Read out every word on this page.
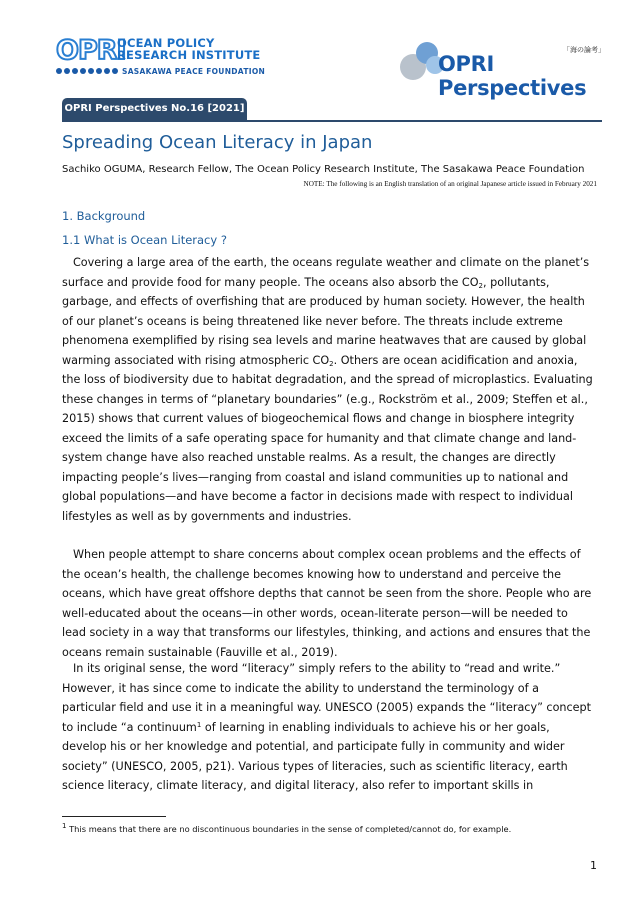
OPRI
OCEAN POLICY
RESEARCH INSTITUTE
SASAKAWA PEACE FOUNDATION
「海の論考」
OPRI Perspectives
OPRI Perspectives No.16 [2021]
Spreading Ocean Literacy in Japan
Sachiko OGUMA, Research Fellow, The Ocean Policy Research Institute, The Sasakawa Peace Foundation
NOTE: The following is an English translation of an original Japanese article issued in February 2021
1. Background
1.1 What is Ocean Literacy ?

Covering a large area of the earth, the oceans regulate weather and climate on the planet’s surface and provide food for many people. The oceans also absorb the $CO_2$, pollutants, garbage, and effects of overfishing that are produced by human society. However, the health of our planet’s oceans is being threatened like never before. The threats include extreme phenomena exemplified by rising sea levels and marine heatwaves that are caused by global warming associated with rising atmospheric $CO_2$. Others are ocean acidification and anoxia, the loss of biodiversity due to habitat degradation, and the spread of microplastics. Evaluating these changes in terms of “planetary boundaries” (e.g., Rockström et al., 2009; Steffen et al., 2015) shows that current values of biogeochemical flows and change in biosphere integrity exceed the limits of a safe operating space for humanity and that climate change and land-system change have also reached unstable realms. As a result, the changes are directly impacting people’s lives—ranging from coastal and island communities up to national and global populations—and have become a factor in decisions made with respect to individual lifestyles as well as by governments and industries.

When people attempt to share concerns about complex ocean problems and the effects of the ocean’s health, the challenge becomes knowing how to understand and perceive the oceans, which have great offshore depths that cannot be seen from the shore. People who are well-educated about the oceans—in other words, ocean-literate person—will be needed to lead society in a way that transforms our lifestyles, thinking, and actions and ensures that the oceans remain sustainable (Fauville et al., 2019).

In its original sense, the word “literacy” simply refers to the ability to “read and write.” However, it has since come to indicate the ability to understand the terminology of a particular field and use it in a meaningful way. UNESCO (2005) expands the “literacy” concept to include “a continuum$^1$ of learning in enabling individuals to achieve his or her goals, develop his or her knowledge and potential, and participate fully in community and wider society” (UNESCO, 2005, p21). Various types of literacies, such as scientific literacy, earth science literacy, climate literacy, and digital literacy, also refer to important skills in

$^1$ This means that there are no discontinuous boundaries in the sense of completed/cannot do, for example.
1
